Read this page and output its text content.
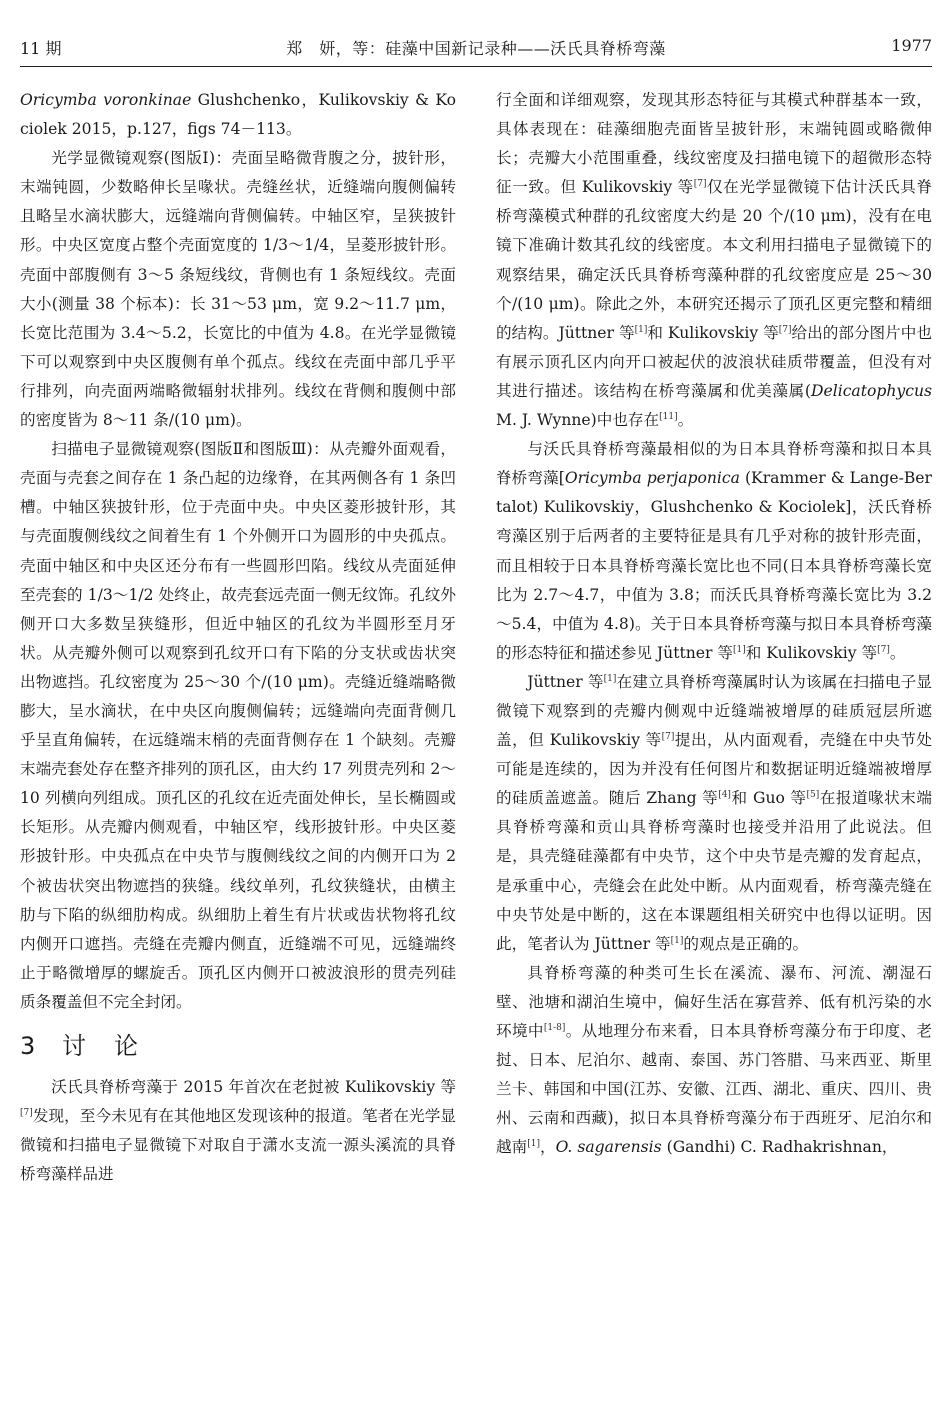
11 期	郑　妍，等：硅藻中国新记录种——沃氏具脊桥弯藻	1977

Oricymba voronkinae Glushchenko，Kulikovskiy & Kociolek 2015，p.127，figs 74－113。

光学显微镜观察(图版Ⅰ)：壳面呈略微背腹之分，披针形，末端钝圆，少数略伸长呈喙状。壳缝丝状，近缝端向腹侧偏转且略呈水滴状膨大，远缝端向背侧偏转。中轴区窄，呈狭披针形。中央区宽度占整个壳面宽度的 1/3～1/4，呈菱形披针形。壳面中部腹侧有 3～5 条短线纹，背侧也有 1 条短线纹。壳面大小(测量 38 个标本)：长 31～53 μm，宽 9.2～11.7 μm，长宽比范围为 3.4～5.2，长宽比的中值为 4.8。在光学显微镜下可以观察到中央区腹侧有单个孤点。线纹在壳面中部几乎平行排列，向壳面两端略微辐射状排列。线纹在背侧和腹侧中部的密度皆为 8～11 条/(10 μm)。

扫描电子显微镜观察(图版Ⅱ和图版Ⅲ)：从壳瓣外面观看，壳面与壳套之间存在 1 条凸起的边缘脊，在其两侧各有 1 条凹槽。中轴区狭披针形，位于壳面中央。中央区菱形披针形，其与壳面腹侧线纹之间着生有 1 个外侧开口为圆形的中央孤点。壳面中轴区和中央区还分布有一些圆形凹陷。线纹从壳面延伸至壳套的 1/3～1/2 处终止，故壳套远壳面一侧无纹饰。孔纹外侧开口大多数呈狭缝形，但近中轴区的孔纹为半圆形至月牙状。从壳瓣外侧可以观察到孔纹开口有下陷的分支状或齿状突出物遮挡。孔纹密度为 25～30 个/(10 μm)。壳缝近缝端略微膨大，呈水滴状，在中央区向腹侧偏转；远缝端向壳面背侧几乎呈直角偏转，在远缝端末梢的壳面背侧存在 1 个缺刻。壳瓣末端壳套处存在整齐排列的顶孔区，由大约 17 列贯壳列和 2～10 列横向列组成。顶孔区的孔纹在近壳面处伸长，呈长椭圆或长矩形。从壳瓣内侧观看，中轴区窄，线形披针形。中央区菱形披针形。中央孤点在中央节与腹侧线纹之间的内侧开口为 2 个被齿状突出物遮挡的狭缝。线纹单列，孔纹狭缝状，由横主肋与下陷的纵细肋构成。纵细肋上着生有片状或齿状物将孔纹内侧开口遮挡。壳缝在壳瓣内侧直，近缝端不可见，远缝端终止于略微增厚的螺旋舌。顶孔区内侧开口被波浪形的贯壳列硅质条覆盖但不完全封闭。

3 讨　论

沃氏具脊桥弯藻于 2015 年首次在老挝被 Kulikovskiy 等[7]发现，至今未见有在其他地区发现该种的报道。笔者在光学显微镜和扫描电子显微镜下对取自于潇水支流一源头溪流的具脊桥弯藻样品进

行全面和详细观察，发现其形态特征与其模式种群基本一致，具体表现在：硅藻细胞壳面皆呈披针形，末端钝圆或略微伸长；壳瓣大小范围重叠，线纹密度及扫描电镜下的超微形态特征一致。但 Kulikovskiy 等[7]仅在光学显微镜下估计沃氏具脊桥弯藻模式种群的孔纹密度大约是 20 个/(10 μm)，没有在电镜下准确计数其孔纹的线密度。本文利用扫描电子显微镜下的观察结果，确定沃氏具脊桥弯藻种群的孔纹密度应是 25～30 个/(10 μm)。除此之外，本研究还揭示了顶孔区更完整和精细的结构。Jüttner 等[1]和 Kulikovskiy 等[7]给出的部分图片中也有展示顶孔区内向开口被起伏的波浪状硅质带覆盖，但没有对其进行描述。该结构在桥弯藻属和优美藻属(Delicatophycus M. J. Wynne)中也存在[11]。

与沃氏具脊桥弯藻最相似的为日本具脊桥弯藻和拟日本具脊桥弯藻[Oricymba perjaponica (Krammer & Lange-Bertalot) Kulikovskiy，Glushchenko & Kociolek]，沃氏脊桥弯藻区别于后两者的主要特征是具有几乎对称的披针形壳面，而且相较于日本具脊桥弯藻长宽比也不同(日本具脊桥弯藻长宽比为 2.7～4.7，中值为 3.8；而沃氏具脊桥弯藻长宽比为 3.2～5.4，中值为 4.8)。关于日本具脊桥弯藻与拟日本具脊桥弯藻的形态特征和描述参见 Jüttner 等[1]和 Kulikovskiy 等[7]。

Jüttner 等[1]在建立具脊桥弯藻属时认为该属在扫描电子显微镜下观察到的壳瓣内侧观中近缝端被增厚的硅质冠层所遮盖，但 Kulikovskiy 等[7]提出，从内面观看，壳缝在中央节处可能是连续的，因为并没有任何图片和数据证明近缝端被增厚的硅质盖遮盖。随后 Zhang 等[4]和 Guo 等[5]在报道喙状末端具脊桥弯藻和贡山具脊桥弯藻时也接受并沿用了此说法。但是，具壳缝硅藻都有中央节，这个中央节是壳瓣的发育起点，是承重中心，壳缝会在此处中断。从内面观看，桥弯藻壳缝在中央节处是中断的，这在本课题组相关研究中也得以证明。因此，笔者认为 Jüttner 等[1]的观点是正确的。

具脊桥弯藻的种类可生长在溪流、瀑布、河流、潮湿石壁、池塘和湖泊生境中，偏好生活在寡营养、低有机污染的水环境中[1-8]。从地理分布来看，日本具脊桥弯藻分布于印度、老挝、日本、尼泊尔、越南、泰国、苏门答腊、马来西亚、斯里兰卡、韩国和中国(江苏、安徽、江西、湖北、重庆、四川、贵州、云南和西藏)，拟日本具脊桥弯藻分布于西班牙、尼泊尔和越南[1]，O. sagarensis (Gandhi) C. Radhakrishnan，
